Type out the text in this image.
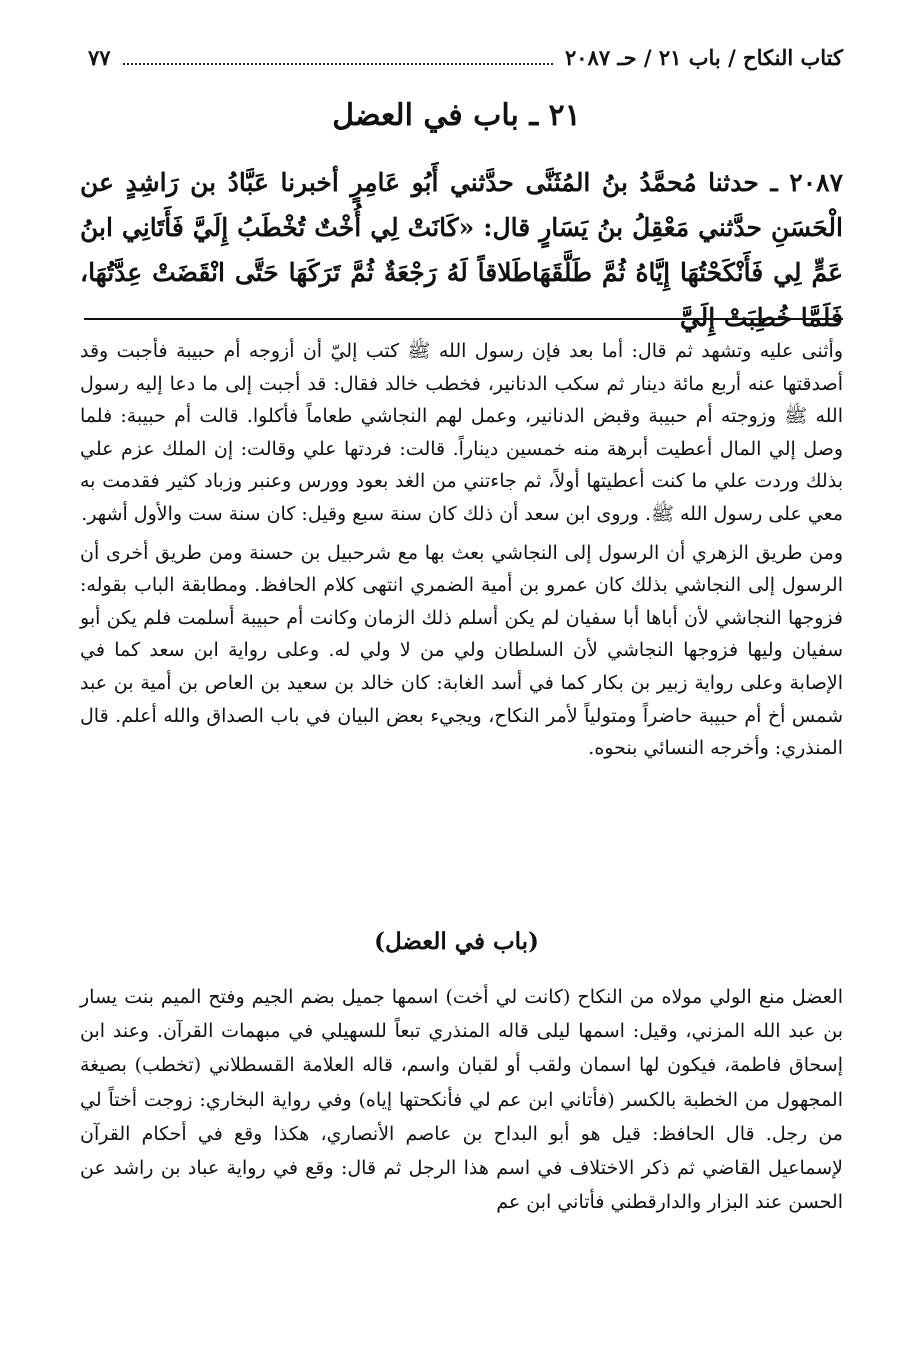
كتاب النكاح / باب ٢١ / حـ ٢٠٨٧
٧٧
٢١ ـ باب في العضل

٢٠٨٧ ـ حدثنا مُحمَّدُ بنُ المُثَنَّى حدَّثني أَبُو عَامِرٍ أخبرنا عَبَّادُ بن رَاشِدٍ عن الْحَسَنِ حدَّثني مَعْقِلُ بنُ يَسَارٍ قال: «كَانَتْ لِي أُخْتٌ تُخْطَبُ إِلَيَّ فَأَتَانِي ابنُ عَمٍّ لِي فَأَنْكَحْتُهَا إِيَّاهُ ثُمَّ طَلَّقَهَاطَلاقاً لَهُ رَجْعَةٌ ثُمَّ تَرَكَهَا حَتَّى انْقَضَتْ عِدَّتُهَا، فَلَمَّا خُطِبَتْ إِلَيَّ

وأثنى عليه وتشهد ثم قال: أما بعد فإن رسول الله ﷺ كتب إليّ أن أزوجه أم حبيبة فأجبت وقد أصدقتها عنه أربع مائة دينار ثم سكب الدنانير، فخطب خالد فقال: قد أجبت إلى ما دعا إليه رسول الله ﷺ وزوجته أم حبيبة وقبض الدنانير، وعمل لهم النجاشي طعاماً فأكلوا. قالت أم حبيبة: فلما وصل إلي المال أعطيت أبرهة منه خمسين ديناراً. قالت: فردتها علي وقالت: إن الملك عزم علي بذلك وردت علي ما كنت أعطيتها أولاً، ثم جاءتني من الغد بعود وورس وعنبر وزباد كثير فقدمت به معي على رسول الله ﷺ. وروى ابن سعد أن ذلك كان سنة سبع وقيل: كان سنة ست والأول أشهر.

ومن طريق الزهري أن الرسول إلى النجاشي بعث بها مع شرحبيل بن حسنة ومن طريق أخرى أن الرسول إلى النجاشي بذلك كان عمرو بن أمية الضمري انتهى كلام الحافظ. ومطابقة الباب بقوله: فزوجها النجاشي لأن أباها أبا سفيان لم يكن أسلم ذلك الزمان وكانت أم حبيبة أسلمت فلم يكن أبو سفيان وليها فزوجها النجاشي لأن السلطان ولي من لا ولي له. وعلى رواية ابن سعد كما في الإصابة وعلى رواية زبير بن بكار كما في أسد الغابة: كان خالد بن سعيد بن العاص بن أمية بن عبد شمس أخ أم حبيبة حاضراً ومتولياً لأمر النكاح، ويجيء بعض البيان في باب الصداق والله أعلم. قال المنذري: وأخرجه النسائي بنحوه.

(باب في العضل)

العضل منع الولي مولاه من النكاح (كانت لي أخت) اسمها جميل بضم الجيم وفتح الميم بنت يسار بن عبد الله المزني، وقيل: اسمها ليلى قاله المنذري تبعاً للسهيلي في مبهمات القرآن. وعند ابن إسحاق فاطمة، فيكون لها اسمان ولقب أو لقبان واسم، قاله العلامة القسطلاني (تخطب) بصيغة المجهول من الخطبة بالكسر (فأتاني ابن عم لي فأنكحتها إياه) وفي رواية البخاري: زوجت أختاً لي من رجل. قال الحافظ: قيل هو أبو البداح بن عاصم الأنصاري، هكذا وقع في أحكام القرآن لإسماعيل القاضي ثم ذكر الاختلاف في اسم هذا الرجل ثم قال: وقع في رواية عباد بن راشد عن الحسن عند البزار والدارقطني فأتاني ابن عم
